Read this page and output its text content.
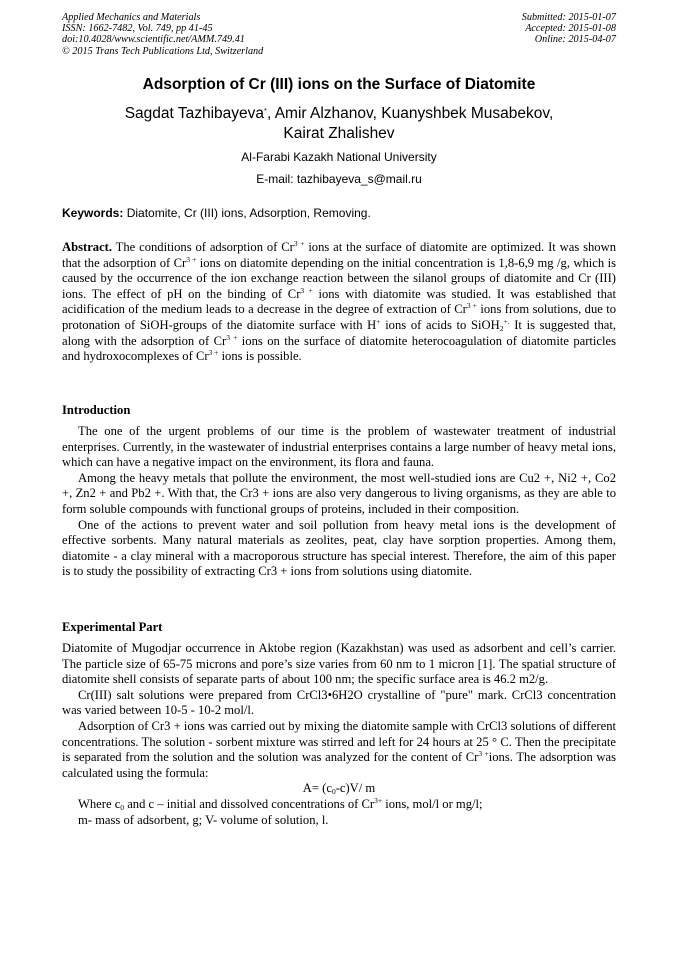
Applied Mechanics and Materials
ISSN: 1662-7482, Vol. 749, pp 41-45
doi:10.4028/www.scientific.net/AMM.749.41
© 2015 Trans Tech Publications Ltd, Switzerland
Submitted: 2015-01-07
Accepted: 2015-01-08
Online: 2015-04-07
Adsorption of Cr (III) ions on the Surface of Diatomite
Sagdat Tazhibayeva*, Amir Alzhanov, Kuanyshbek Musabekov,
Kairat Zhalishev
Al-Farabi Kazakh National University
E-mail: tazhibayeva_s@mail.ru
Keywords: Diatomite, Cr (III) ions, Adsorption, Removing.

Abstract. The conditions of adsorption of $Cr^{3 +}$ ions at the surface of diatomite are optimized. It was shown that the adsorption of $Cr^{3 +}$ ions on diatomite depending on the initial concentration is 1,8-6,9 mg /g, which is caused by the occurrence of the ion exchange reaction between the silanol groups of diatomite and Cr (III) ions. The effect of pH on the binding of $Cr^{3 +}$ ions with diatomite was studied. It was established that acidification of the medium leads to a decrease in the degree of extraction of $Cr^{3 +}$ ions from solutions, due to protonation of SiOH-groups of the diatomite surface with H+ ions of acids to SiOH$_2$+. It is suggested that, along with the adsorption of $Cr^{3 +}$ ions on the surface of diatomite heterocoagulation of diatomite particles and hydroxocomplexes of $Cr^{3 +}$ ions is possible.

Introduction

The one of the urgent problems of our time is the problem of wastewater treatment of industrial enterprises. Currently, in the wastewater of industrial enterprises contains a large number of heavy metal ions, which can have a negative impact on the environment, its flora and fauna.

Among the heavy metals that pollute the environment, the most well-studied ions are Cu2 +, Ni2 +, Co2 +, Zn2 + and Pb2 +. With that, the Cr3 + ions are also very dangerous to living organisms, as they are able to form soluble compounds with functional groups of proteins, included in their composition.

One of the actions to prevent water and soil pollution from heavy metal ions is the development of effective sorbents. Many natural materials as zeolites, peat, clay have sorption properties. Among them, diatomite - a clay mineral with a macroporous structure has special interest. Therefore, the aim of this paper is to study the possibility of extracting Cr3 + ions from solutions using diatomite.

Experimental Part

Diatomite of Mugodjar occurrence in Aktobe region (Kazakhstan) was used as adsorbent and cell’s carrier. The particle size of 65-75 microns and pore’s size varies from 60 nm to 1 micron [1]. The spatial structure of diatomite shell consists of separate parts of about 100 nm; the specific surface area is 46.2 m2/g.

Cr(III) salt solutions were prepared from CrCl3•6H2O crystalline of "pure" mark. CrCl3 concentration was varied between 10-5 - 10-2 mol/l.

Adsorption of Cr3 + ions was carried out by mixing the diatomite sample with CrCl3 solutions of different concentrations. The solution - sorbent mixture was stirred and left for 24 hours at 25 ° C. Then the precipitate is separated from the solution and the solution was analyzed for the content of $Cr^{3 +}ions$. The adsorption was calculated using the formula:

$A= (c_0-c)V/$ m

Where $c_0$ and c – initial and dissolved concentrations of $Cr^{3+}$ ions, mol/l or mg/l;

m- mass of adsorbent, g; V- volume of solution, l.
